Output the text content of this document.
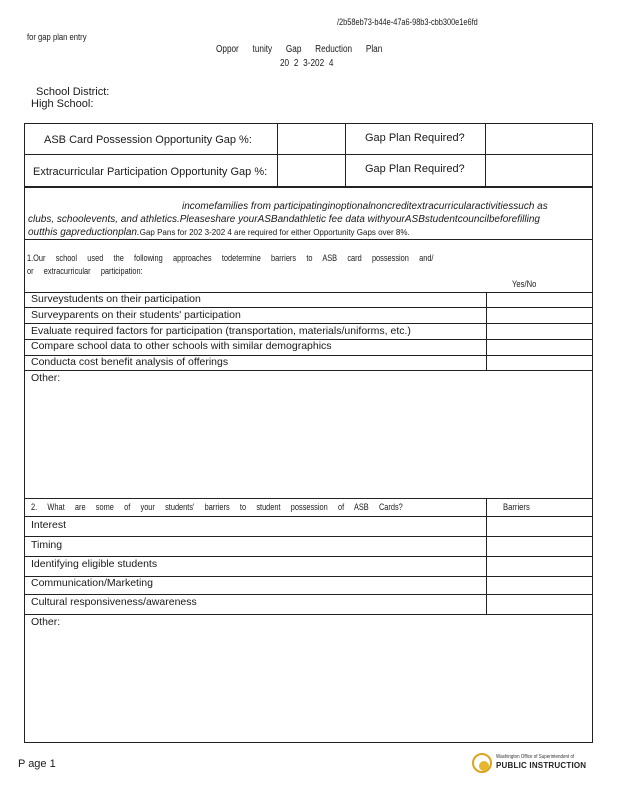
/2b58eb73-b44e-47a6-98b3-cbb300e1e6fd
for gap plan entry
Oppor tunity Gap Reduction Plan
20 2 3-202 4
School District:
High School:
ASB Card Possession Opportunity Gap %:
Extracurricular Participation Opportunity Gap %:
Gap Plan Required?
Gap Plan Required?
incomefamilies from participatinginoptionalnoncreditextracurricularactivitiessuch as
clubs, schoolevents, and athletics.Pleaseshare yourASBandathletic fee data withyourASBstudentcouncilbeforefilling
outthis gapreductionplan.Gap Pans for 202 3-202 4 are required for either Opportunity Gaps over 8%.
1.Our school used the following approaches todetermine barriers to ASB card possession and/
or extracurricular participation:
Yes/No
Surveystudents on their participation
Surveyparents on their students' participation
Evaluate required factors for participation (transportation, materials/uniforms, etc.)
Compare school data to other schools with similar demographics
Conducta cost benefit analysis of offerings
Other:
2. What are some of your students' barriers to student possession of ASB Cards?	Barriers
Interest
Timing
Identifying eligible students
Communication/Marketing
Cultural responsiveness/awareness
Other:
P age 1
Washington Office of Superintendent of
PUBLIC INSTRUCTION
